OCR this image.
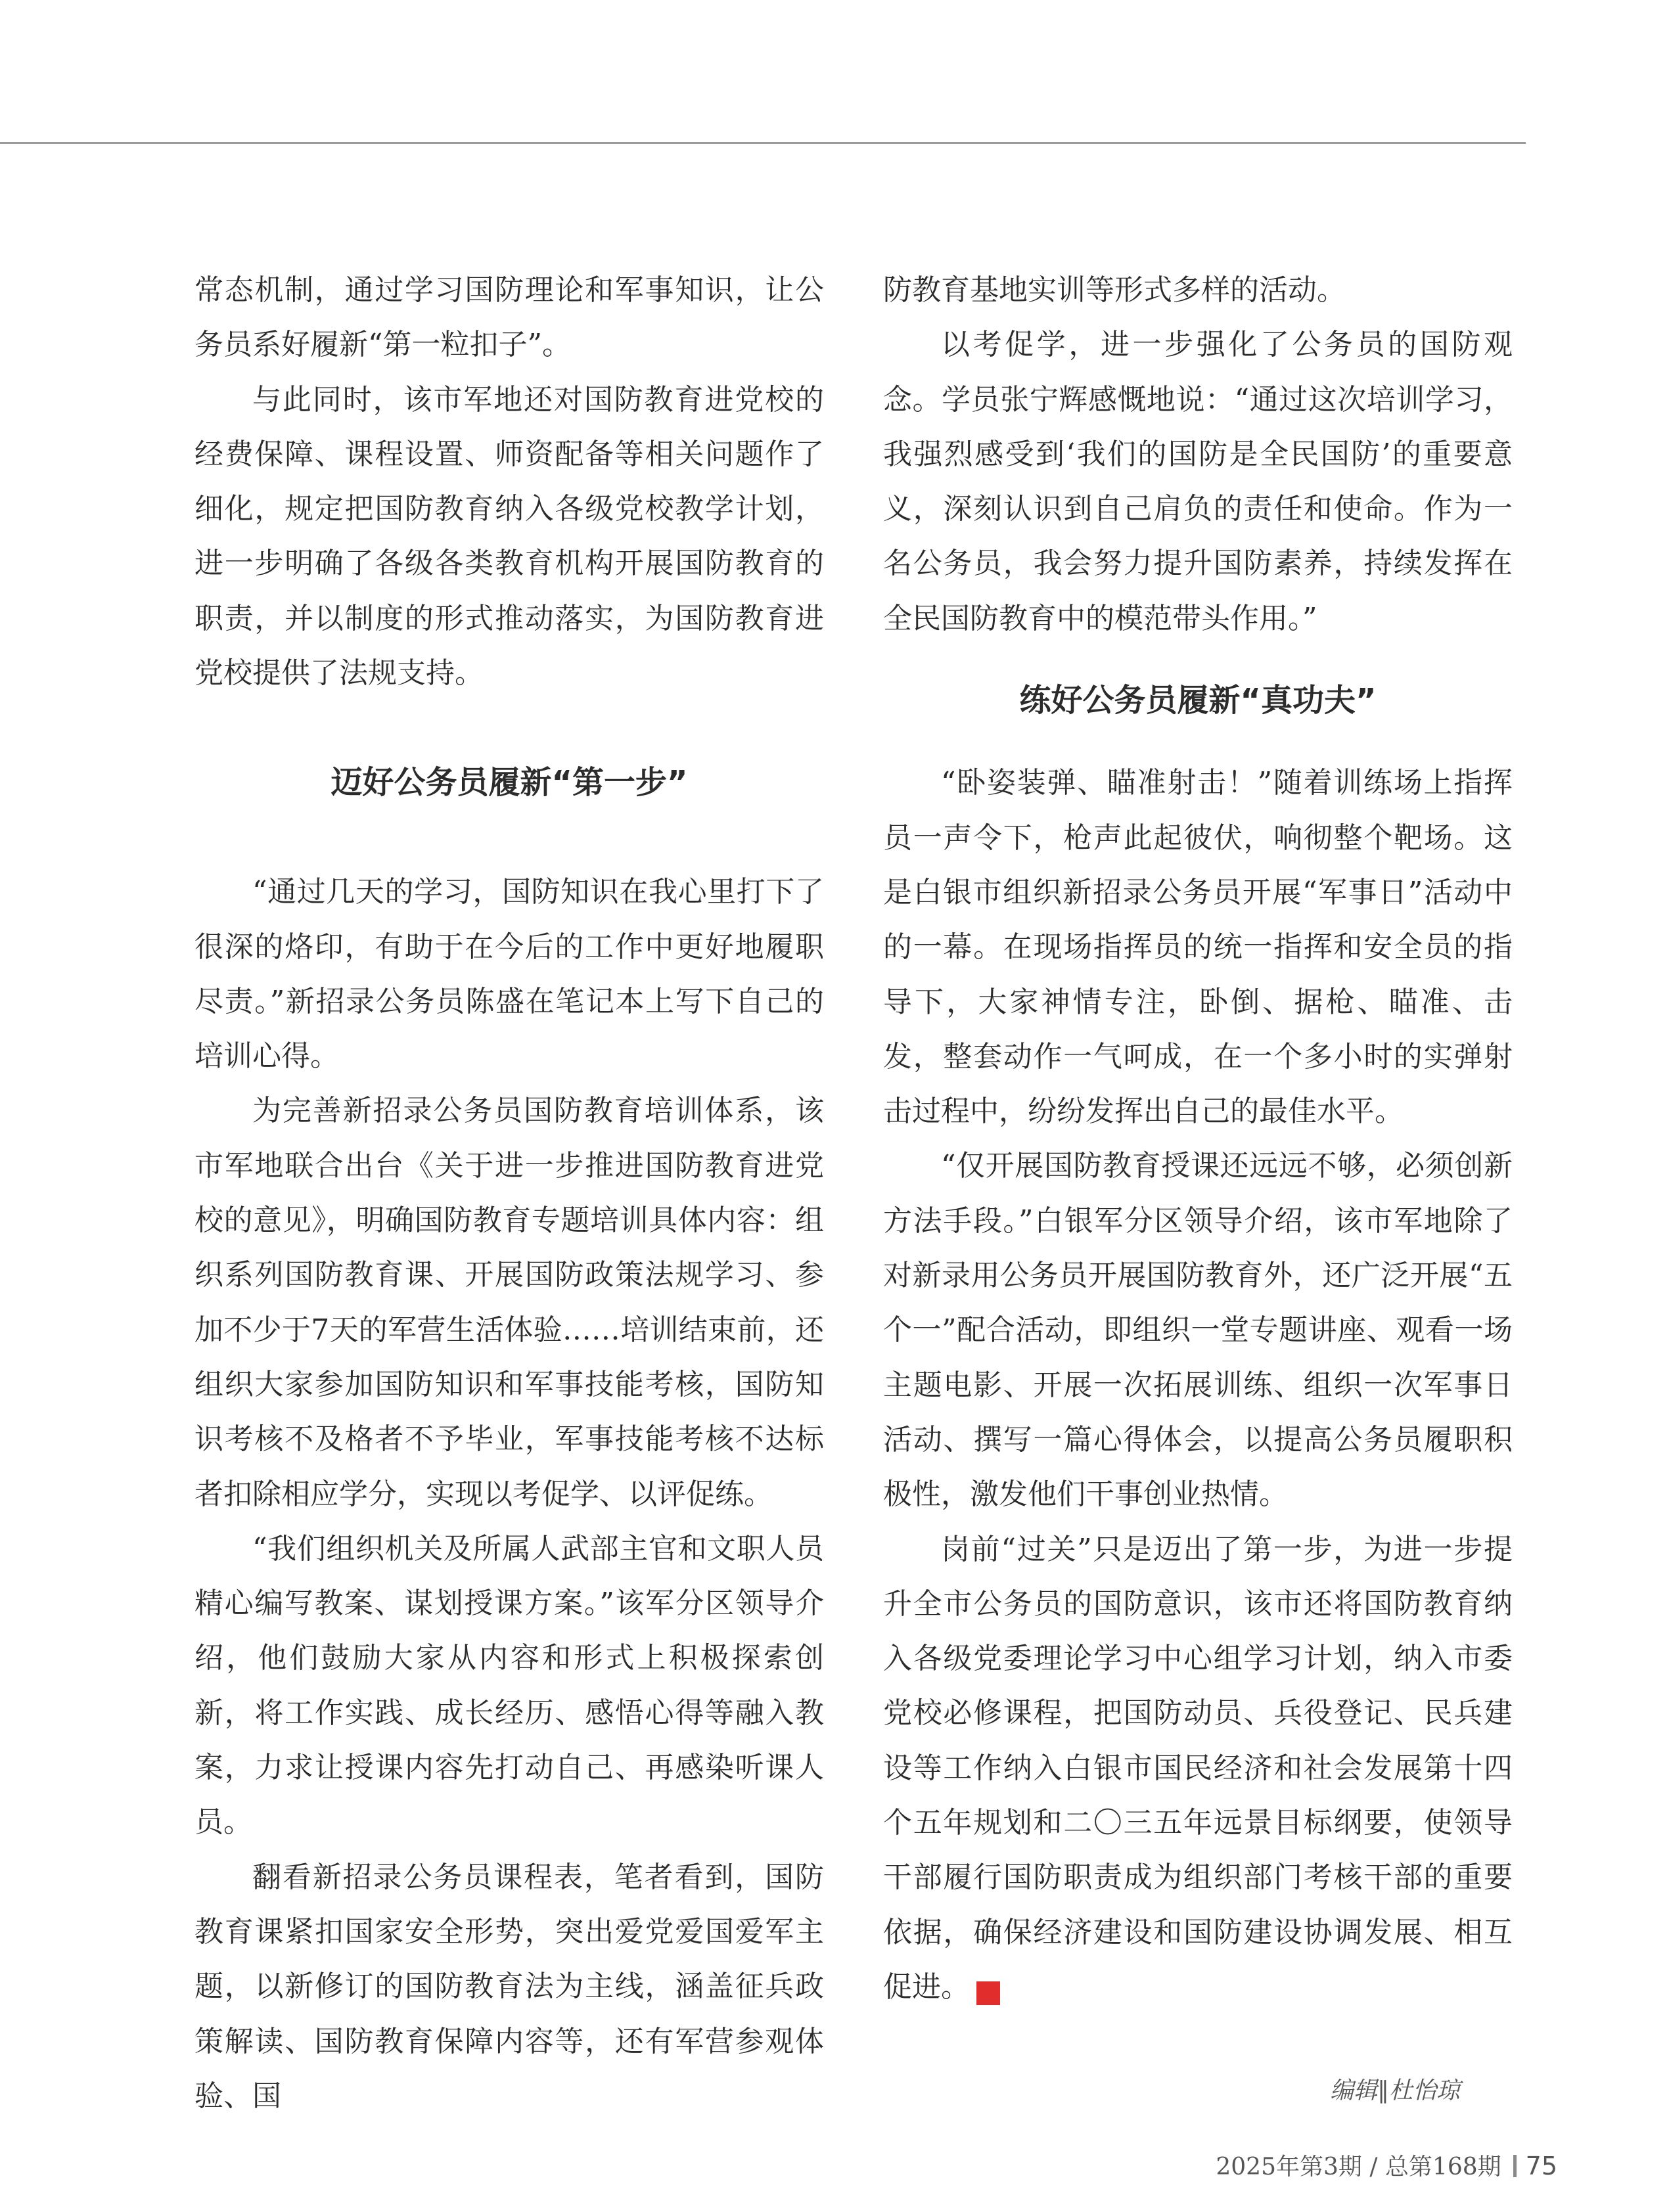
常态机制，通过学习国防理论和军事知识，让公务员系好履新“第一粒扣子”。

与此同时，该市军地还对国防教育进党校的经费保障、课程设置、师资配备等相关问题作了细化，规定把国防教育纳入各级党校教学计划，进一步明确了各级各类教育机构开展国防教育的职责，并以制度的形式推动落实，为国防教育进党校提供了法规支持。

迈好公务员履新“第一步”

“通过几天的学习，国防知识在我心里打下了很深的烙印，有助于在今后的工作中更好地履职尽责。”新招录公务员陈盛在笔记本上写下自己的培训心得。

为完善新招录公务员国防教育培训体系，该市军地联合出台《关于进一步推进国防教育进党校的意见》，明确国防教育专题培训具体内容：组织系列国防教育课、开展国防政策法规学习、参加不少于7天的军营生活体验……培训结束前，还组织大家参加国防知识和军事技能考核，国防知识考核不及格者不予毕业，军事技能考核不达标者扣除相应学分，实现以考促学、以评促练。

“我们组织机关及所属人武部主官和文职人员精心编写教案、谋划授课方案。”该军分区领导介绍，他们鼓励大家从内容和形式上积极探索创新，将工作实践、成长经历、感悟心得等融入教案，力求让授课内容先打动自己、再感染听课人员。

翻看新招录公务员课程表，笔者看到，国防教育课紧扣国家安全形势，突出爱党爱国爱军主题，以新修订的国防教育法为主线，涵盖征兵政策解读、国防教育保障内容等，还有军营参观体验、国

防教育基地实训等形式多样的活动。

以考促学，进一步强化了公务员的国防观念。学员张宁辉感慨地说：“通过这次培训学习，我强烈感受到‘我们的国防是全民国防’的重要意义，深刻认识到自己肩负的责任和使命。作为一名公务员，我会努力提升国防素养，持续发挥在全民国防教育中的模范带头作用。”

练好公务员履新“真功夫”

“卧姿装弹、瞄准射击！”随着训练场上指挥员一声令下，枪声此起彼伏，响彻整个靶场。这是白银市组织新招录公务员开展“军事日”活动中的一幕。在现场指挥员的统一指挥和安全员的指导下，大家神情专注，卧倒、据枪、瞄准、击发，整套动作一气呵成，在一个多小时的实弹射击过程中，纷纷发挥出自己的最佳水平。

“仅开展国防教育授课还远远不够，必须创新方法手段。”白银军分区领导介绍，该市军地除了对新录用公务员开展国防教育外，还广泛开展“五个一”配合活动，即组织一堂专题讲座、观看一场主题电影、开展一次拓展训练、组织一次军事日活动、撰写一篇心得体会，以提高公务员履职积极性，激发他们干事创业热情。

岗前“过关”只是迈出了第一步，为进一步提升全市公务员的国防意识，该市还将国防教育纳入各级党委理论学习中心组学习计划，纳入市委党校必修课程，把国防动员、兵役登记、民兵建设等工作纳入白银市国民经济和社会发展第十四个五年规划和二〇三五年远景目标纲要，使领导干部履行国防职责成为组织部门考核干部的重要依据，确保经济建设和国防建设协调发展、相互促进。	G

编辑∥杜怡琼
2025年第3期 / 总第168期 75
